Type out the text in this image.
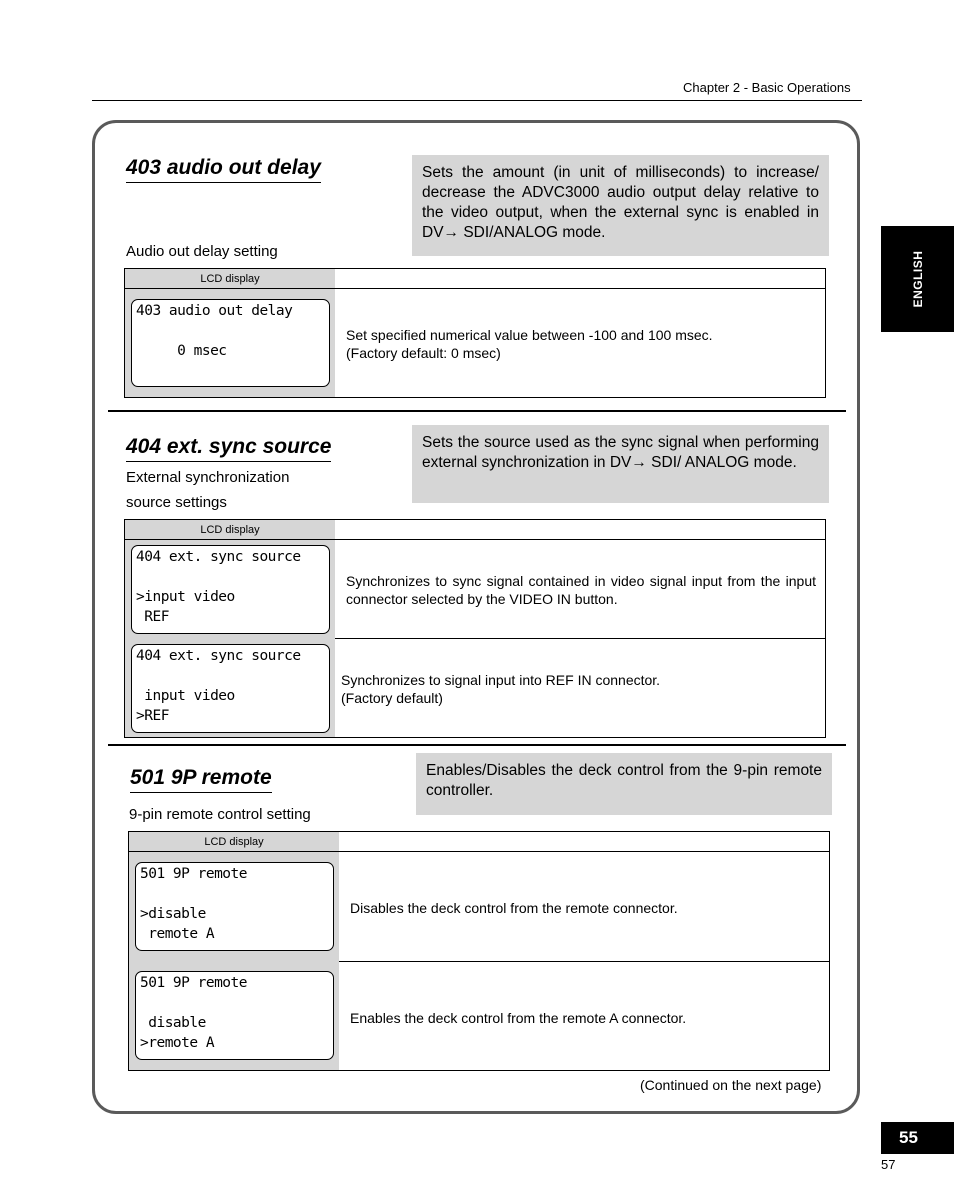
Chapter 2 - Basic Operations
ENGLISH
403 audio out delay
Audio out delay setting
Sets the amount (in unit of milliseconds) to increase/ decrease the ADVC3000 audio output delay relative to the video output, when the external sync is enabled in DV→ SDI/ANALOG mode.
LCD display
403 audio out delay
0 msec
Set specified numerical value between -100 and 100 msec.
(Factory default: 0 msec)
404 ext. sync source
External synchronization
source settings
Sets the source used as the sync signal when performing external synchronization in DV→ SDI/ ANALOG mode.
LCD display
404 ext. sync source
>input video
REF
Synchronizes to sync signal contained in video signal input from the input connector selected by the VIDEO IN button.
404 ext. sync source
input video
>REF
Synchronizes to signal input into REF IN connector.
(Factory default)
501 9P remote
9-pin remote control setting
Enables/Disables the deck control from the 9-pin remote controller.
LCD display
501 9P remote
>disable
remote A
Disables the deck control from the remote connector.
501 9P remote
disable
>remote A
Enables the deck control from the remote A connector.
(Continued on the next page)
55
57
